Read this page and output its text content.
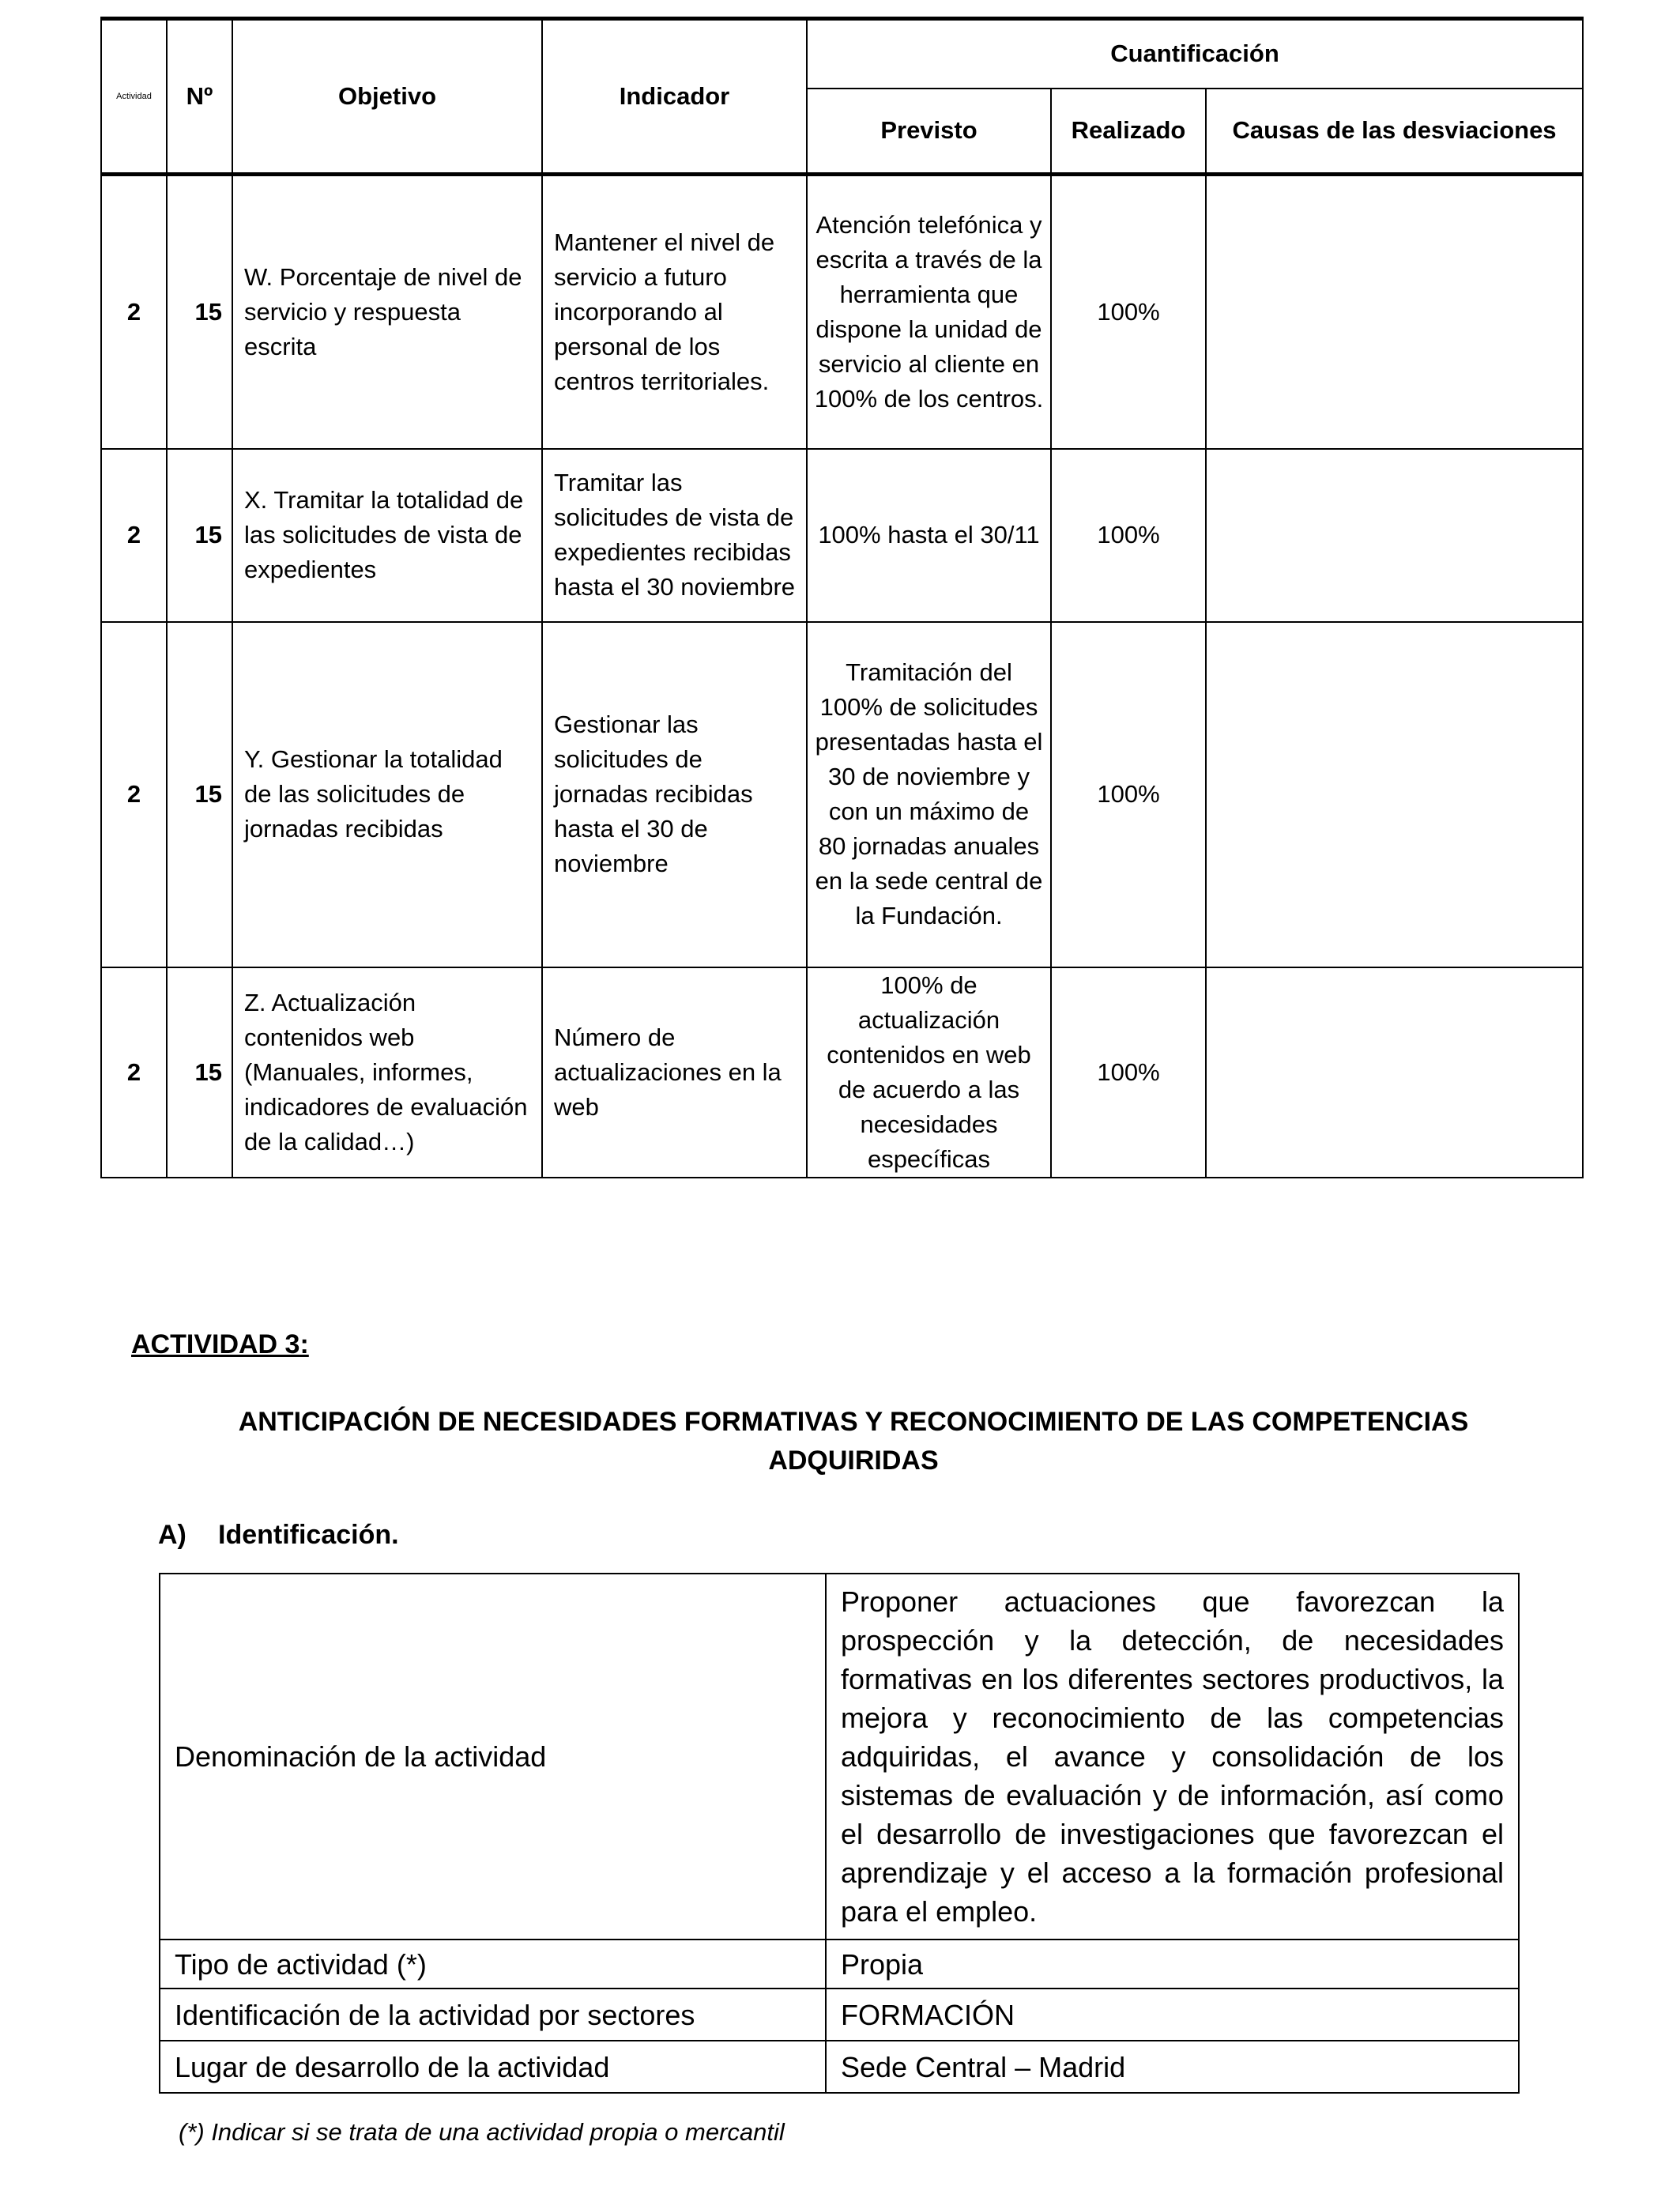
Actividad	Nº	Objetivo	Indicador	Cuantificación		
				Previsto	Realizado	Causas de las desviaciones
2	15	W. Porcentaje de nivel de servicio y respuesta escrita	Mantener el nivel de servicio a futuro incorporando al personal de los centros territoriales.	Atención telefónica y escrita a través de la herramienta que dispone la unidad de servicio al cliente en 100% de los centros.	100%	
2	15	X. Tramitar la totalidad de las solicitudes de vista de expedientes	Tramitar las solicitudes de vista de expedientes recibidas hasta el 30 noviembre	100% hasta el 30/11	100%	
2	15	Y. Gestionar la totalidad de las solicitudes de jornadas recibidas	Gestionar las solicitudes de jornadas recibidas hasta el 30 de noviembre	Tramitación del 100% de solicitudes presentadas hasta el 30 de noviembre y con un máximo de 80 jornadas anuales en la sede central de la Fundación.	100%	
2	15	Z. Actualización contenidos web (Manuales, informes, indicadores de evaluación de la calidad…)	Número de actualizaciones en la web	100% de actualización contenidos en web de acuerdo a las necesidades específicas	100%	
ACTIVIDAD 3:
ANTICIPACIÓN DE NECESIDADES FORMATIVAS Y RECONOCIMIENTO DE LAS COMPETENCIAS ADQUIRIDAS
A) Identificación.
Denominación de la actividad	Proponer actuaciones que favorezcan la prospección y la detección, de necesidades formativas en los diferentes sectores productivos, la mejora y reconocimiento de las competencias adquiridas, el avance y consolidación de los sistemas de evaluación y de información, así como el desarrollo de investigaciones que favorezcan el aprendizaje y el acceso a la formación profesional para el empleo.
Tipo de actividad (*)	Propia
Identificación de la actividad por sectores	FORMACIÓN
Lugar de desarrollo de la actividad	Sede Central – Madrid
(*) Indicar si se trata de una actividad propia o mercantil
